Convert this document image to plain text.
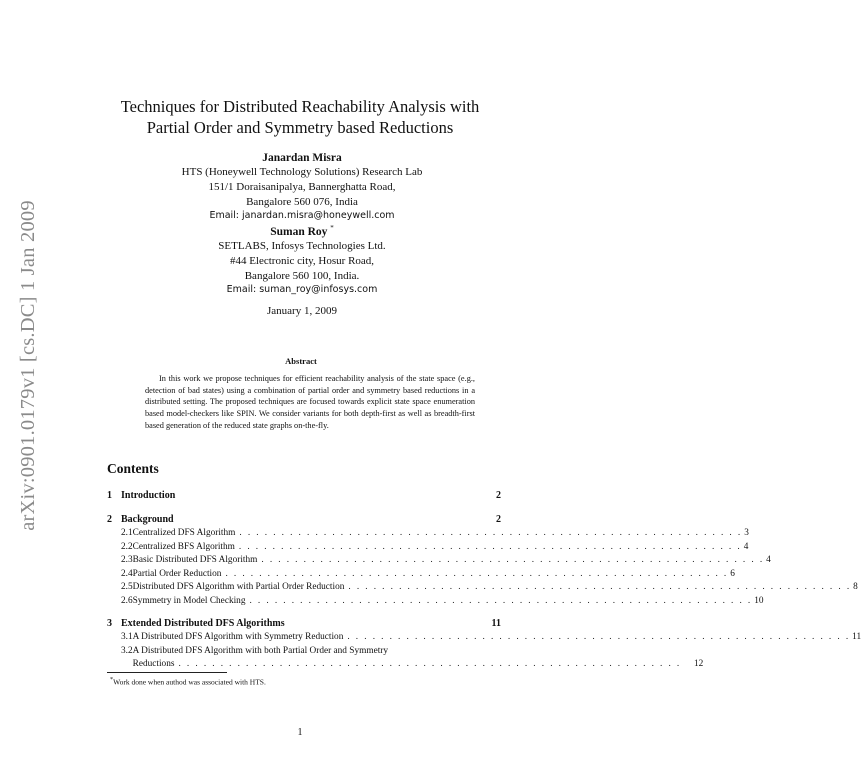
arXiv:0901.0179v1 [cs.DC] 1 Jan 2009
Techniques for Distributed Reachability Analysis with
Partial Order and Symmetry based Reductions
Janardan Misra
HTS (Honeywell Technology Solutions) Research Lab
151/1 Doraisanipalya, Bannerghatta Road,
Bangalore 560 076, India
Email: janardan.misra@honeywell.com
Suman Roy *
SETLABS, Infosys Technologies Ltd.
#44 Electronic city, Hosur Road,
Bangalore 560 100, India.
Email: suman_roy@infosys.com
January 1, 2009
Abstract
In this work we propose techniques for efficient reachability analysis of the state space (e.g., detection of bad states) using a combination of partial order and symmetry based reductions in a distributed setting. The proposed techniques are focused towards explicit state space enumeration based model-checkers like SPIN. We consider variants for both depth-first as well as breadth-first based generation of the reduced state graphs on-the-fly.
Contents
1 Introduction	2
2 Background	2
2.1 Centralized DFS Algorithm . . .	3
2.2 Centralized BFS Algorithm . . .	4
2.3 Basic Distributed DFS Algorithm . . .	4
2.4 Partial Order Reduction . . .	6
2.5 Distributed DFS Algorithm with Partial Order Reduction . . .	8
2.6 Symmetry in Model Checking . . .	10
3 Extended Distributed DFS Algorithms	11
3.1 A Distributed DFS Algorithm with Symmetry Reduction . . .	11
3.2 A Distributed DFS Algorithm with both Partial Order and Symmetry
Reductions . . .	12
*Work done when authod was associated with HTS.
1
